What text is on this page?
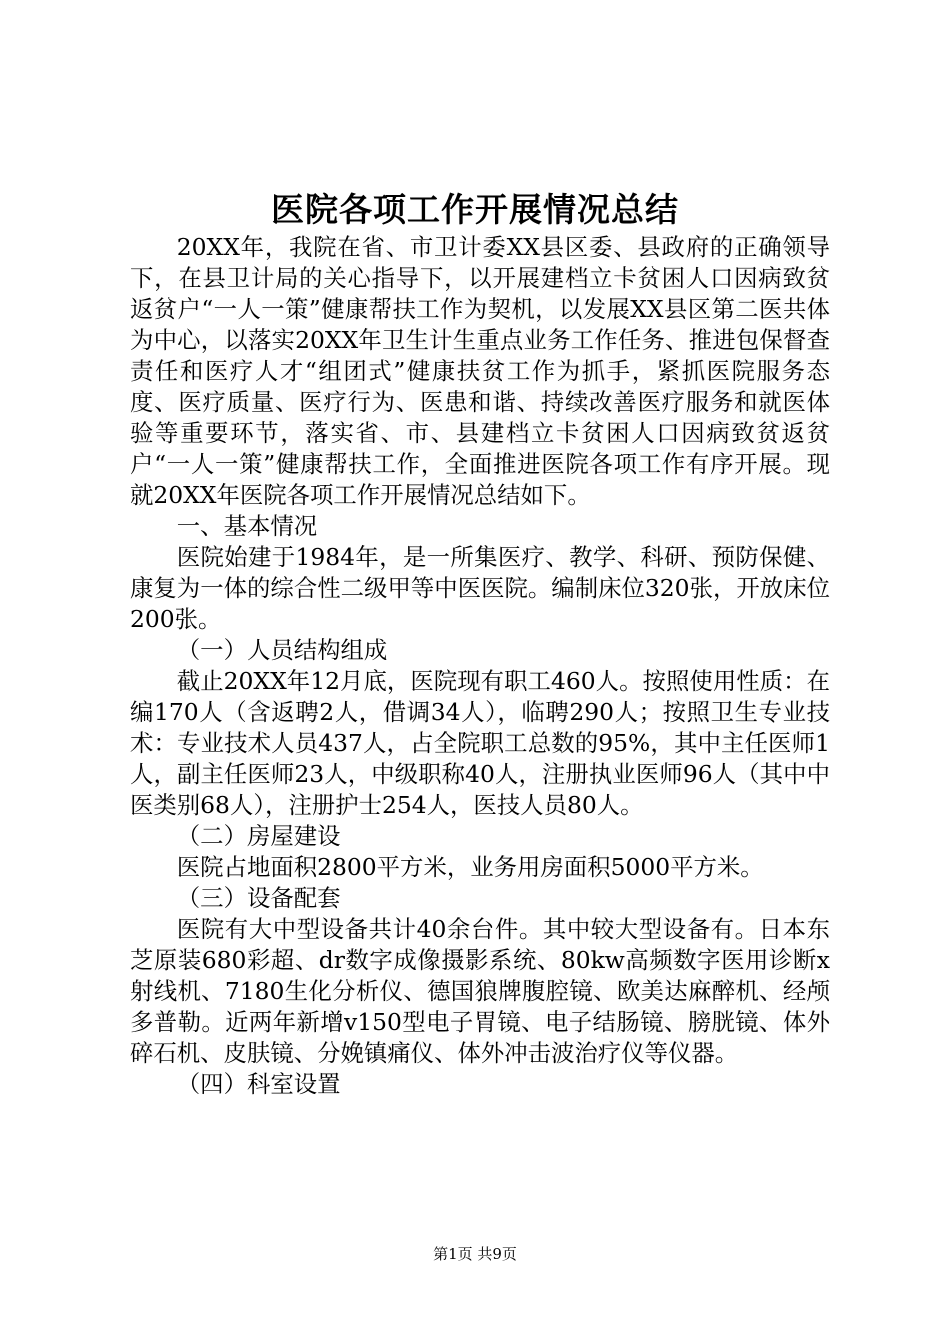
医院各项工作开展情况总结

20XX年，我院在省、市卫计委XX县区委、县政府的正确领导下，在县卫计局的关心指导下，以开展建档立卡贫困人口因病致贫返贫户“一人一策”健康帮扶工作为契机，以发展XX县区第二医共体为中心，以落实20XX年卫生计生重点业务工作任务、推进包保督查责任和医疗人才“组团式”健康扶贫工作为抓手，紧抓医院服务态度、医疗质量、医疗行为、医患和谐、持续改善医疗服务和就医体验等重要环节，落实省、市、县建档立卡贫困人口因病致贫返贫户“一人一策”健康帮扶工作，全面推进医院各项工作有序开展。现就20XX年医院各项工作开展情况总结如下。

一、基本情况

医院始建于1984年，是一所集医疗、教学、科研、预防保健、康复为一体的综合性二级甲等中医医院。编制床位320张，开放床位200张。

（一）人员结构组成

截止20XX年12月底，医院现有职工460人。按照使用性质：在编170人（含返聘2人，借调34人），临聘290人；按照卫生专业技术：专业技术人员437人，占全院职工总数的95%，其中主任医师1人，副主任医师23人，中级职称40人，注册执业医师96人（其中中医类别68人），注册护士254人，医技人员80人。

（二）房屋建设

医院占地面积2800平方米，业务用房面积5000平方米。

（三）设备配套

医院有大中型设备共计40余台件。其中较大型设备有。日本东芝原装680彩超、dr数字成像摄影系统、80kw高频数字医用诊断x射线机、7180生化分析仪、德国狼牌腹腔镜、欧美达麻醉机、经颅多普勒。近两年新增v150型电子胃镜、电子结肠镜、膀胱镜、体外碎石机、皮肤镜、分娩镇痛仪、体外冲击波治疗仪等仪器。

（四）科室设置

第1页 共9页
